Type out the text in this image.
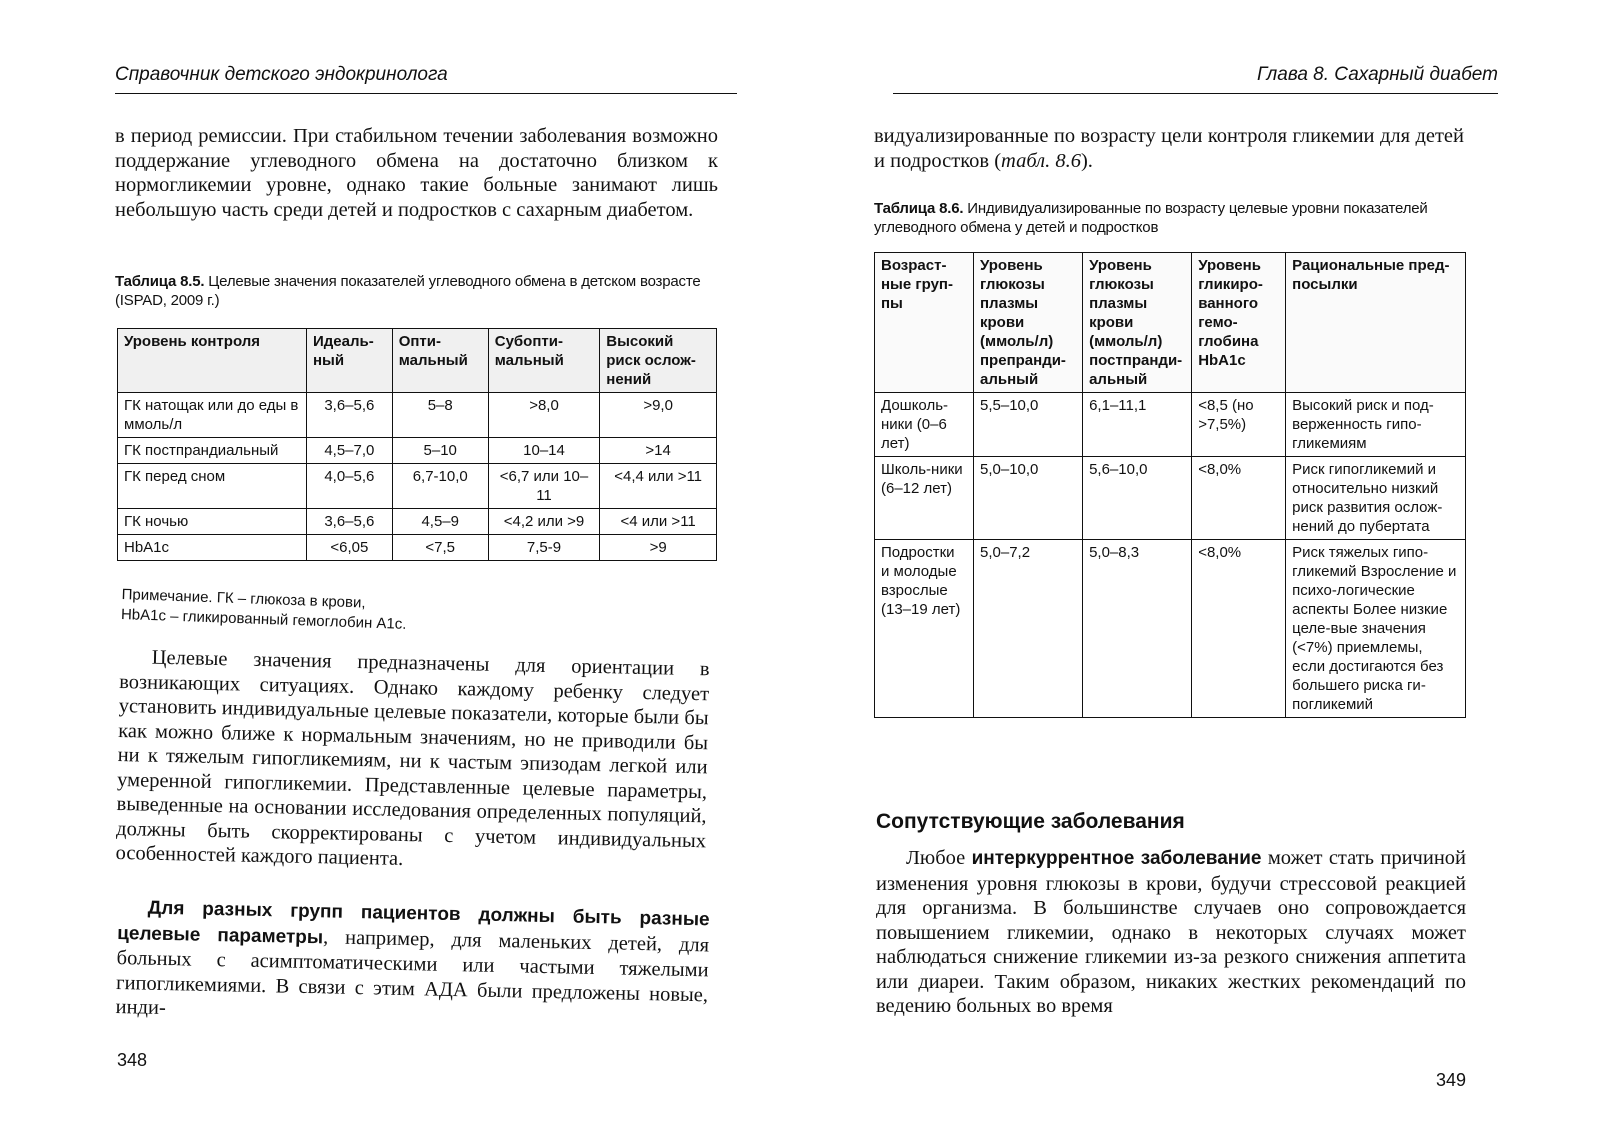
Справочник детского эндокринолога
в период ремиссии. При стабильном течении заболевания возможно поддержание углеводного обмена на достаточно близком к нормогликемии уровне, однако такие больные занимают лишь небольшую часть среди детей и подростков с сахарным диабетом.
Таблица 8.5. Целевые значения показателей углеводного обмена в детском возрасте (ISPAD, 2009 г.)
Уровень контроля	Идеаль-ный	Опти-мальный	Субопти-мальный	Высокий риск ослож-нений
ГК натощак или до еды в ммоль/л	3,6–5,6	5–8	>8,0	>9,0
ГК постпрандиальный	4,5–7,0	5–10	10–14	>14
ГК перед сном	4,0–5,6	6,7-10,0	<6,7 или 10–11	<4,4 или >11
ГК ночью	3,6–5,6	4,5–9	<4,2 или >9	<4 или >11
HbA1c	<6,05	<7,5	7,5-9	>9
Примечание. ГК – глюкоза в крови,
HbA1c – гликированный гемоглобин A1c.
Целевые значения предназначены для ориентации в возникающих ситуациях. Однако каждому ребенку следует установить индивидуальные целевые показатели, которые были бы как можно ближе к нормальным значениям, но не приводили бы ни к тяжелым гипогликемиям, ни к частым эпизодам легкой или умеренной гипогликемии. Представленные целевые параметры, выведенные на основании исследования определенных популяций, должны быть скорректированы с учетом индивидуальных особенностей каждого пациента.
Для разных групп пациентов должны быть разные целевые параметры, например, для маленьких детей, для больных с асимптоматическими или частыми тяжелыми гипогликемиями. В связи с этим АДА были предложены новые, инди-
348
Глава 8. Сахарный диабет
видуализированные по возрасту цели контроля гликемии для детей и подростков (табл. 8.6).
Таблица 8.6. Индивидуализированные по возрасту целевые уровни показателей углеводного обмена у детей и подростков
Возраст-ные груп-пы	Уровень глюкозы плазмы крови (ммоль/л) препранди-альный	Уровень глюкозы плазмы крови (ммоль/л) постпранди-альный	Уровень гликиро-ванного гемо-глобина HbA1c	Рациональные пред-посылки
Дошколь-ники (0–6 лет)	5,5–10,0	6,1–11,1	<8,5 (но >7,5%)	Высокий риск и под-верженность гипо-гликемиям
Школь-ники (6–12 лет)	5,0–10,0	5,6–10,0	<8,0%	Риск гипогликемий и относительно низкий риск развития ослож-нений до пубертата
Подростки и молодые взрослые (13–19 лет)	5,0–7,2	5,0–8,3	<8,0%	Риск тяжелых гипо-гликемий Взросление и психо-логические аспекты Более низкие целе-вые значения (<7%) приемлемы, если достигаются без большего риска ги-погликемий
Сопутствующие заболевания
Любое интеркуррентное заболевание может стать причиной изменения уровня глюкозы в крови, будучи стрессовой реакцией для организма. В большинстве случаев оно сопровождается повышением гликемии, однако в некоторых случаях может наблюдаться снижение гликемии из-за резкого снижения аппетита или диареи. Таким образом, никаких жестких рекомендаций по ведению больных во время
349
